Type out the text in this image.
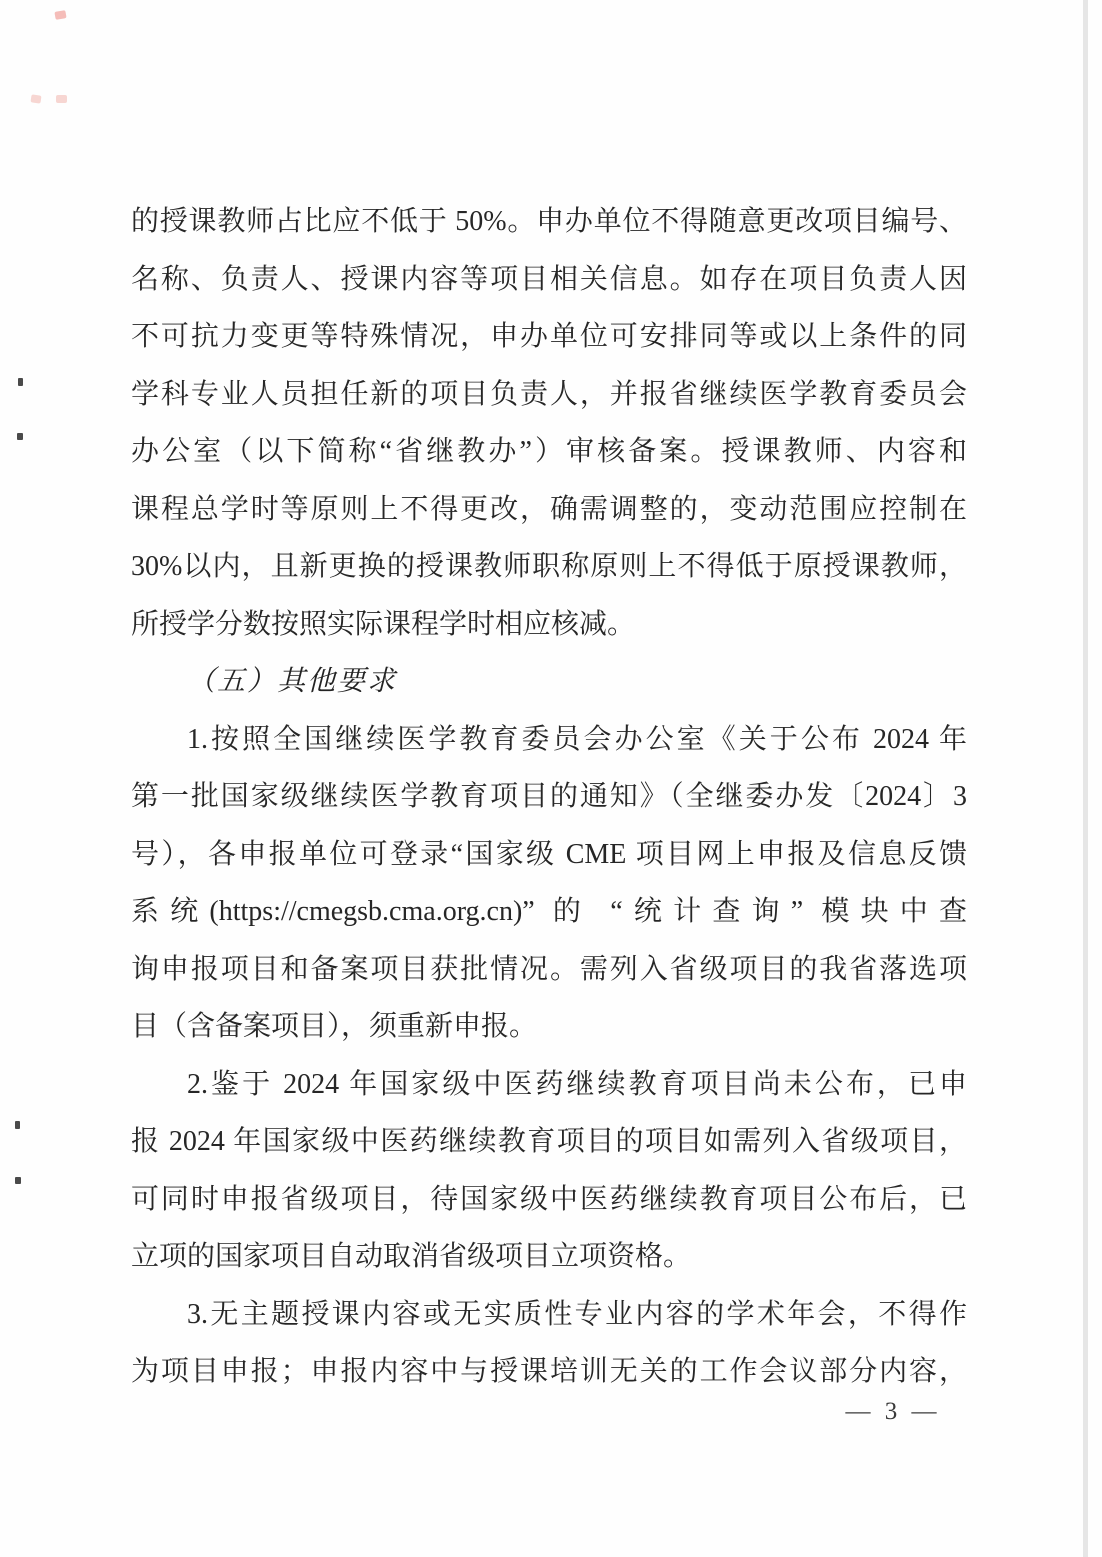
的授课教师占比应不低于 50%。申办单位不得随意更改项目编号、
名称、负责人、授课内容等项目相关信息。如存在项目负责人因
不可抗力变更等特殊情况，申办单位可安排同等或以上条件的同
学科专业人员担任新的项目负责人，并报省继续医学教育委员会
办公室（以下简称“省继教办”）审核备案。授课教师、内容和
课程总学时等原则上不得更改，确需调整的，变动范围应控制在
30%以内，且新更换的授课教师职称原则上不得低于原授课教师，
所授学分数按照实际课程学时相应核减。
（五）其他要求
1.按照全国继续医学教育委员会办公室《关于公布 2024 年
第一批国家级继续医学教育项目的通知》（全继委办发〔2024〕3
号），各申报单位可登录“国家级 CME 项目网上申报及信息反馈
系统(https://cmegsb.cma.org.cn)” 的 “统计查询” 模块中查
询申报项目和备案项目获批情况。需列入省级项目的我省落选项
目（含备案项目），须重新申报。
2.鉴于 2024 年国家级中医药继续教育项目尚未公布，已申
报 2024 年国家级中医药继续教育项目的项目如需列入省级项目，
可同时申报省级项目，待国家级中医药继续教育项目公布后，已
立项的国家项目自动取消省级项目立项资格。
3.无主题授课内容或无实质性专业内容的学术年会，不得作
为项目申报；申报内容中与授课培训无关的工作会议部分内容，
— 3 —
